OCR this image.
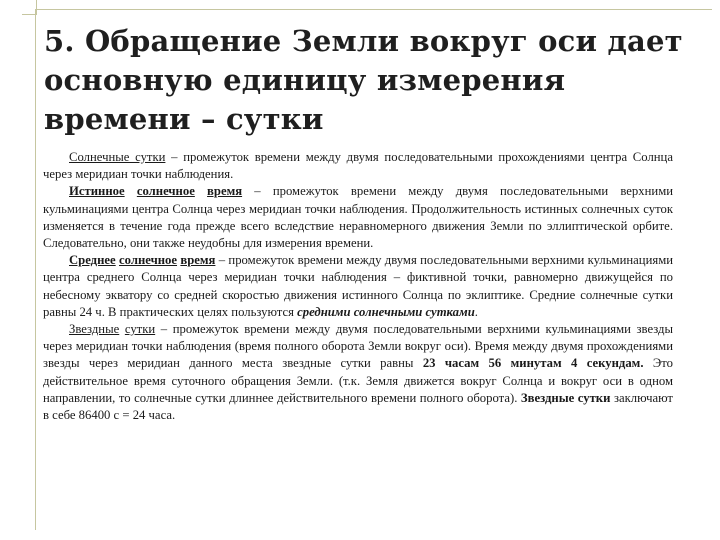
5. Обращение Земли вокруг оси дает основную единицу измерения времени – сутки

Солнечные сутки – промежуток времени между двумя последовательными прохождениями центра Солнца через меридиан точки наблюдения.

Истинное солнечное время – промежуток времени между двумя последовательными верхними кульминациями центра Солнца через меридиан точки наблюдения. Продолжительность истинных солнечных суток изменяется в течение года прежде всего вследствие неравномерного движения Земли по эллиптической орбите. Следовательно, они также неудобны для измерения времени.

Среднее солнечное время – промежуток времени между двумя последовательными верхними кульминациями центра среднего Солнца через меридиан точки наблюдения – фиктивной точки, равномерно движущейся по небесному экватору со средней скоростью движения истинного Солнца по эклиптике. Средние солнечные сутки равны 24 ч. В практических целях пользуются средними солнечными сутками.

Звездные сутки – промежуток времени между двумя последовательными верхними кульминациями звезды через меридиан точки наблюдения (время полного оборота Земли вокруг оси). Время между двумя прохождениями звезды через меридиан данного места звездные сутки равны 23 часам 56 минутам 4 секундам. Это действительное время суточного обращения Земли. (т.к. Земля движется вокруг Солнца и вокруг оси в одном направлении, то солнечные сутки длиннее действительного времени полного оборота). Звездные сутки заключают в себе 86400 с = 24 часа.
